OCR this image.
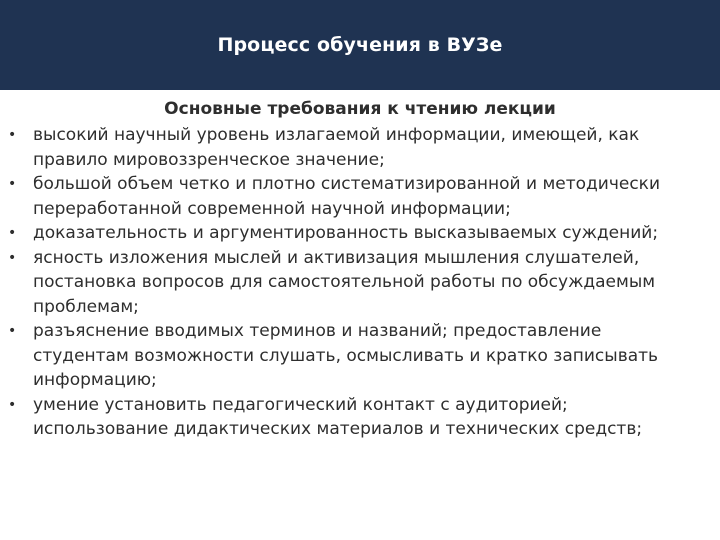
Процесс обучения в ВУЗе
Основные требования к чтению лекции
• высокий научный уровень излагаемой информации, имеющей, как правило мировоззренческое значение;
• большой объем четко и плотно систематизированной и методически переработанной современной научной информации;
• доказательность и аргументированность высказываемых суждений;
• ясность изложения мыслей и активизация мышления слушателей, постановка вопросов для самостоятельной работы по обсуждаемым проблемам;
• разъяснение вводимых терминов и названий; предоставление студентам возможности слушать, осмысливать и кратко записывать информацию;
• умение установить педагогический контакт с аудиторией; использование дидактических материалов и технических средств;
